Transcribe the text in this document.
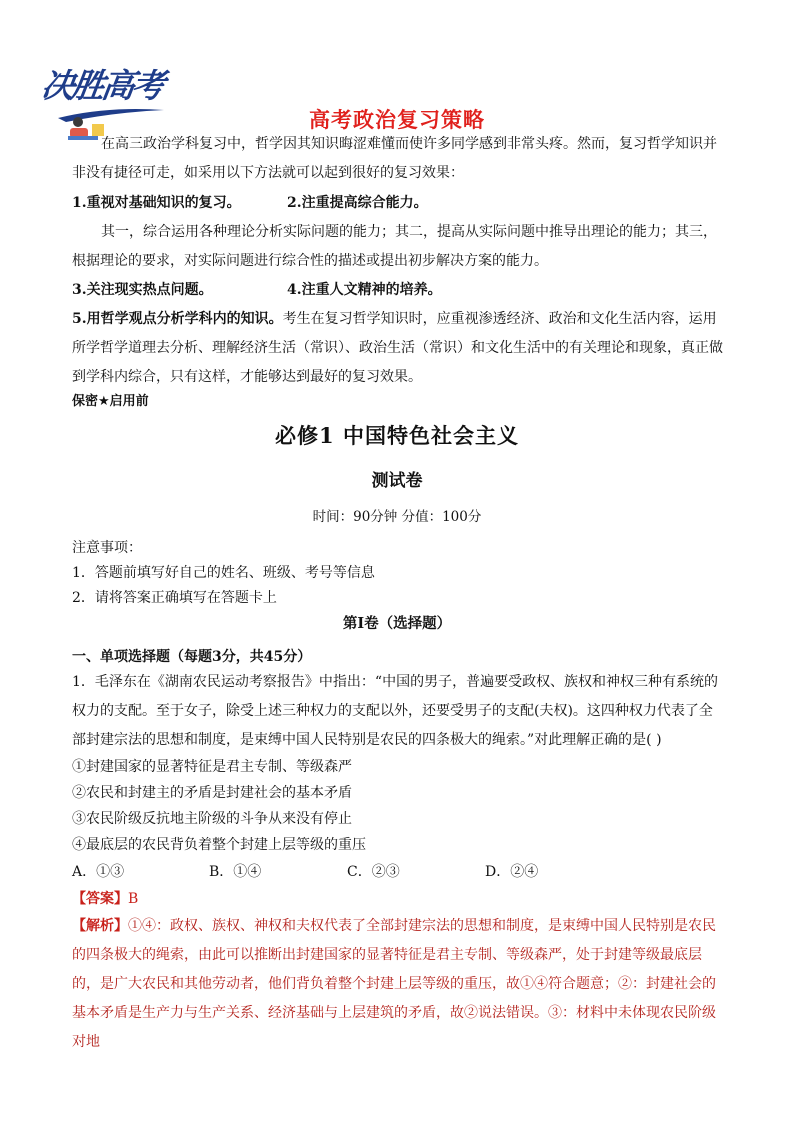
决胜高考
高考政治复习策略
在高三政治学科复习中，哲学因其知识晦涩难懂而使许多同学感到非常头疼。然而，复习哲学知识并非没有捷径可走，如采用以下方法就可以起到很好的复习效果：
1.重视对基础知识的复习。	2.注重提高综合能力。
其一，综合运用各种理论分析实际问题的能力；其二，提高从实际问题中推导出理论的能力；其三，根据理论的要求，对实际问题进行综合性的描述或提出初步解决方案的能力。
3.关注现实热点问题。	4.注重人文精神的培养。
5.用哲学观点分析学科内的知识。考生在复习哲学知识时，应重视渗透经济、政治和文化生活内容，运用所学哲学道理去分析、理解经济生活（常识）、政治生活（常识）和文化生活中的有关理论和现象，真正做到学科内综合，只有这样，才能够达到最好的复习效果。
保密★启用前
必修1 中国特色社会主义
测试卷
时间：90分钟 分值：100分
注意事项：
1．答题前填写好自己的姓名、班级、考号等信息
2．请将答案正确填写在答题卡上
第Ⅰ卷（选择题）
一、单项选择题（每题3分，共45分）
1．毛泽东在《湖南农民运动考察报告》中指出：“中国的男子，普遍要受政权、族权和神权三种有系统的权力的支配。至于女子，除受上述三种权力的支配以外，还要受男子的支配(夫权)。这四种权力代表了全部封建宗法的思想和制度，是束缚中国人民特别是农民的四条极大的绳索。”对此理解正确的是( )
①封建国家的显著特征是君主专制、等级森严
②农民和封建主的矛盾是封建社会的基本矛盾
③农民阶级反抗地主阶级的斗争从来没有停止
④最底层的农民背负着整个封建上层等级的重压
A．①③	B．①④	C．②③	D．②④
【答案】B
【解析】①④：政权、族权、神权和夫权代表了全部封建宗法的思想和制度，是束缚中国人民特别是农民的四条极大的绳索，由此可以推断出封建国家的显著特征是君主专制、等级森严，处于封建等级最底层的，是广大农民和其他劳动者，他们背负着整个封建上层等级的重压，故①④符合题意；②：封建社会的基本矛盾是生产力与生产关系、经济基础与上层建筑的矛盾，故②说法错误。③：材料中未体现农民阶级对地
